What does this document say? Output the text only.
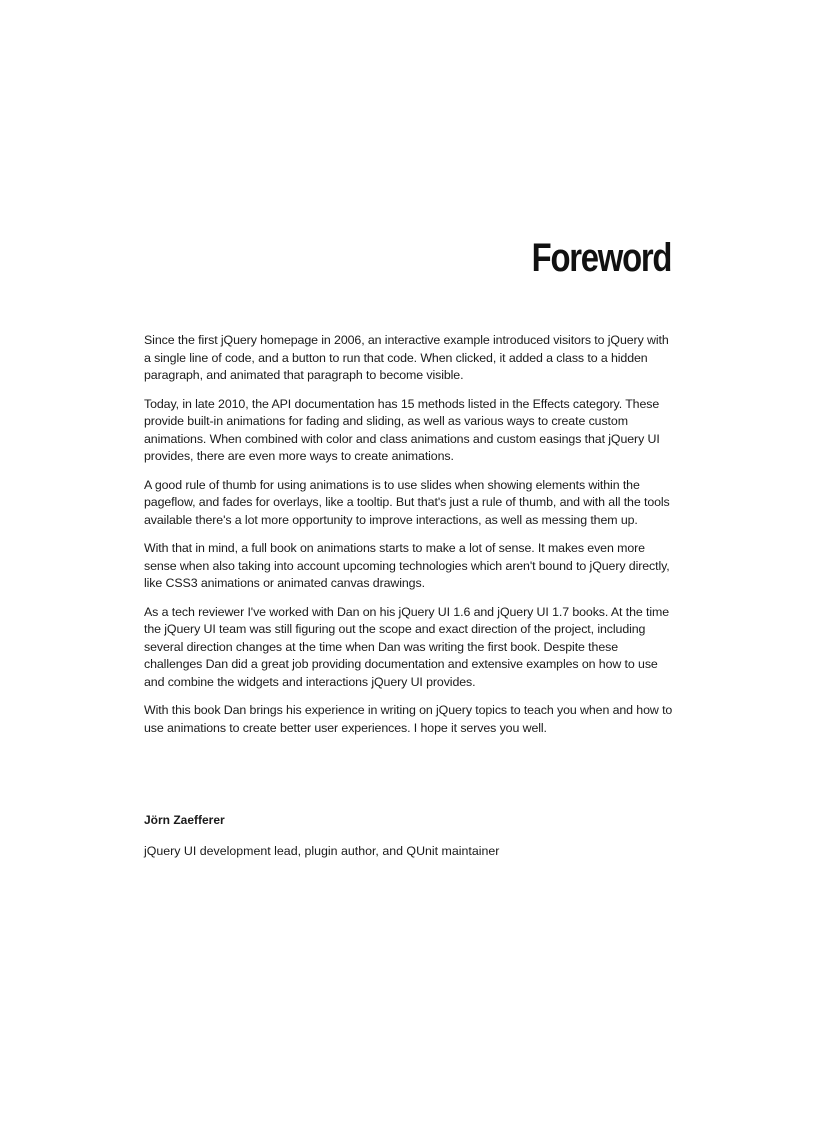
Foreword

Since the first jQuery homepage in 2006, an interactive example introduced visitors to jQuery with a single line of code, and a button to run that code. When clicked, it added a class to a hidden paragraph, and animated that paragraph to become visible.

Today, in late 2010, the API documentation has 15 methods listed in the Effects category. These provide built-in animations for fading and sliding, as well as various ways to create custom animations. When combined with color and class animations and custom easings that jQuery UI provides, there are even more ways to create animations.

A good rule of thumb for using animations is to use slides when showing elements within the pageflow, and fades for overlays, like a tooltip. But that's just a rule of thumb, and with all the tools available there's a lot more opportunity to improve interactions, as well as messing them up.

With that in mind, a full book on animations starts to make a lot of sense. It makes even more sense when also taking into account upcoming technologies which aren't bound to jQuery directly, like CSS3 animations or animated canvas drawings.

As a tech reviewer I've worked with Dan on his jQuery UI 1.6 and jQuery UI 1.7 books. At the time the jQuery UI team was still figuring out the scope and exact direction of the project, including several direction changes at the time when Dan was writing the first book. Despite these challenges Dan did a great job providing documentation and extensive examples on how to use and combine the widgets and interactions jQuery UI provides.

With this book Dan brings his experience in writing on jQuery topics to teach you when and how to use animations to create better user experiences. I hope it serves you well.

Jörn Zaefferer

jQuery UI development lead, plugin author, and QUnit maintainer
